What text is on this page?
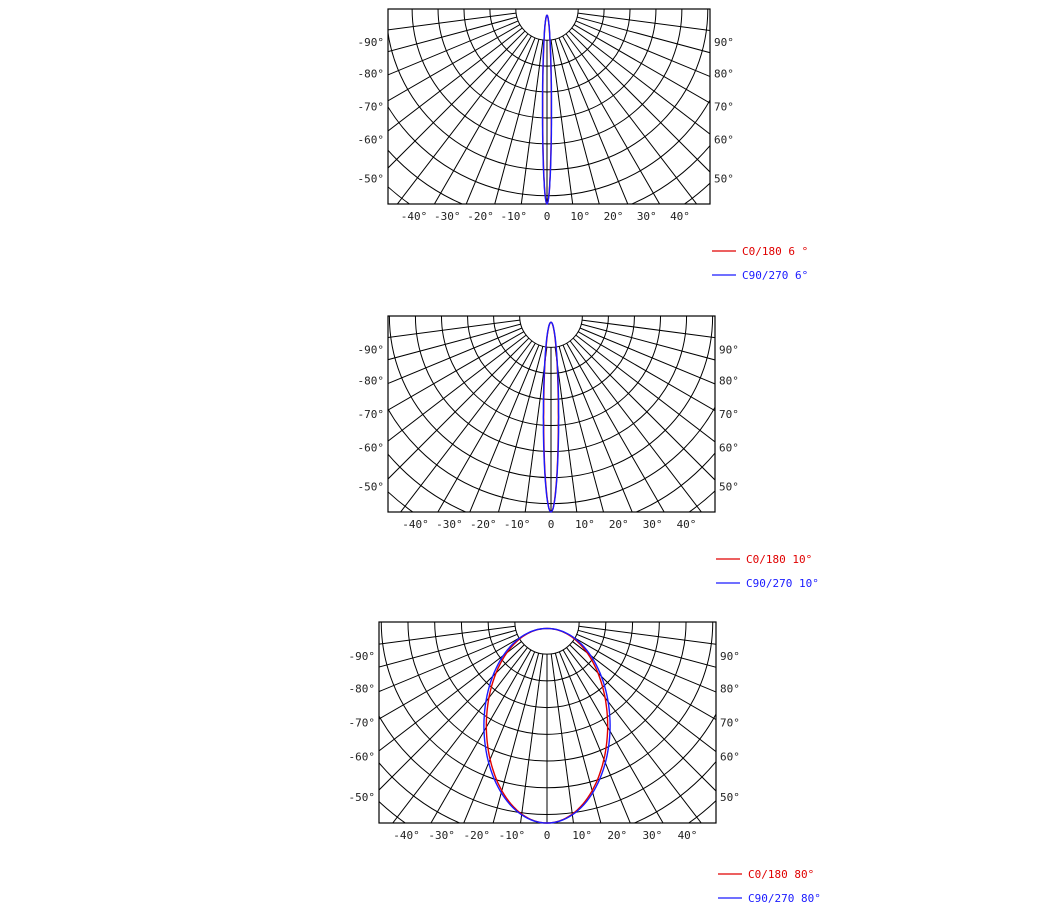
-90°
-80°
-70°
-60°
-50°
90°
80°
70°
60°
50°
-40° -30° -20° -10° 0 10° 20° 30° 40°
C0/180 6 °
C90/270 6°
-90°
-80°
-70°
-60°
-50°
90°
80°
70°
60°
50°
-40° -30° -20° -10° 0 10° 20° 30° 40°
C0/180 10°
C90/270 10°
-90°
-80°
-70°
-60°
-50°
90°
80°
70°
60°
50°
-40° -30° -20° -10° 0 10° 20° 30° 40°
C0/180 80°
C90/270 80°
